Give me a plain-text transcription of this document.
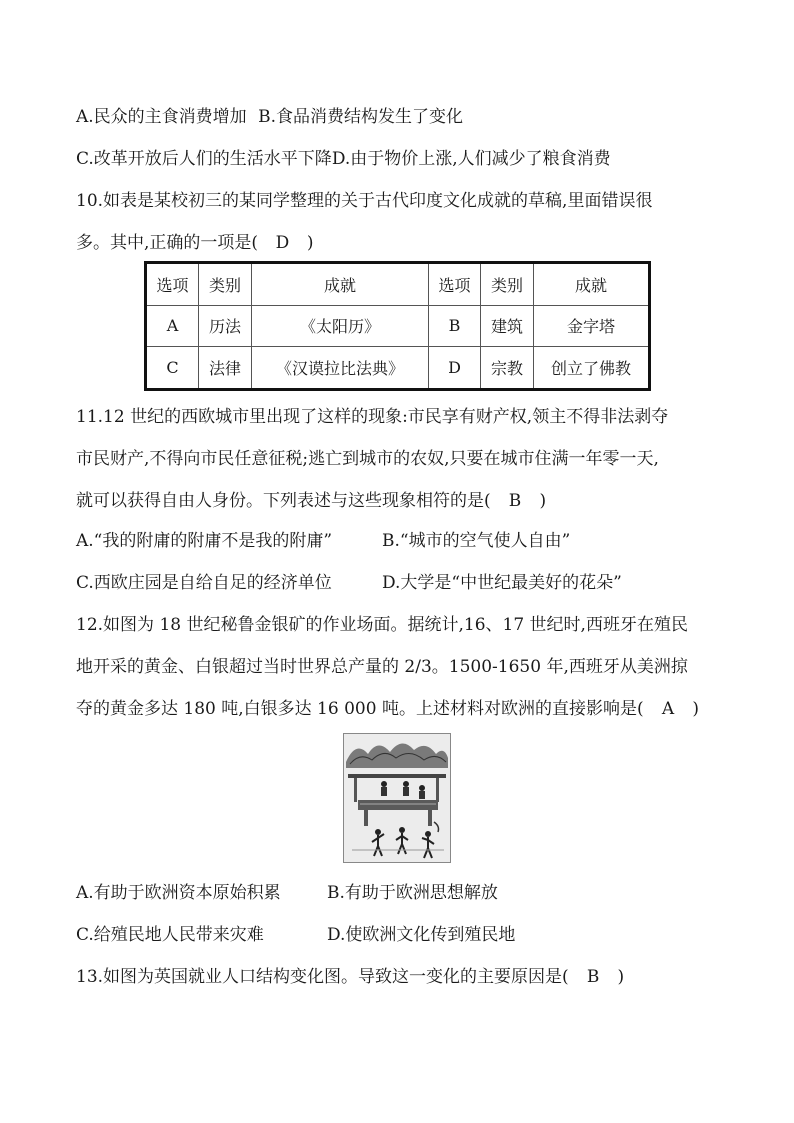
A.民众的主食消费增加 B.食品消费结构发生了变化
C.改革开放后人们的生活水平下降D.由于物价上涨,人们减少了粮食消费
10.如表是某校初三的某同学整理的关于古代印度文化成就的草稿,里面错误很
多。其中,正确的一项是( D )
选项	类别	成就	选项	类别	成就
A	历法	《太阳历》	B	建筑	金字塔
C	法律	《汉谟拉比法典》	D	宗教	创立了佛教
11.12 世纪的西欧城市里出现了这样的现象:市民享有财产权,领主不得非法剥夺
市民财产,不得向市民任意征税;逃亡到城市的农奴,只要在城市住满一年零一天,
就可以获得自由人身份。下列表述与这些现象相符的是( B )
A.“我的附庸的附庸不是我的附庸”	B.“城市的空气使人自由”
C.西欧庄园是自给自足的经济单位	D.大学是“中世纪最美好的花朵”
12.如图为 18 世纪秘鲁金银矿的作业场面。据统计,16、17 世纪时,西班牙在殖民
地开采的黄金、白银超过当时世界总产量的 2/3。1500-1650 年,西班牙从美洲掠
夺的黄金多达 180 吨,白银多达 16 000 吨。上述材料对欧洲的直接影响是( A )
A.有助于欧洲资本原始积累	B.有助于欧洲思想解放
C.给殖民地人民带来灾难	D.使欧洲文化传到殖民地
13.如图为英国就业人口结构变化图。导致这一变化的主要原因是( B )
